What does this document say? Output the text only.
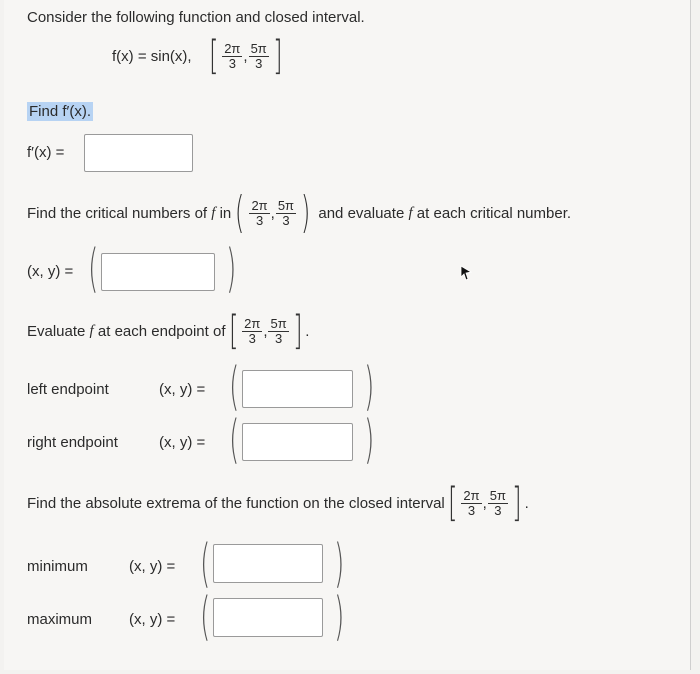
Consider the following function and closed interval.
f(x) = sin(x), [ $\frac{2\pi}{3}$ , $\frac{5\pi}{3}$ ]
Find f′(x).
f′(x) =
Find the critical numbers of
f
in ( $\frac{2\pi}{3}$ , $\frac{5\pi}{3}$ )
and evaluate
f
at each critical number.
(x, y) = ( )
Evaluate
f
at each endpoint of [ $\frac{2\pi}{3}$ , $\frac{5\pi}{3}$ ] .
left endpoint	(x, y) = ( )
right endpoint	(x, y) = ( )
Find the absolute extrema of the function on the closed interval [ $\frac{2\pi}{3}$ , $\frac{5\pi}{3}$ ] .
minimum	(x, y) = ( )
maximum (x, y) = ( )
